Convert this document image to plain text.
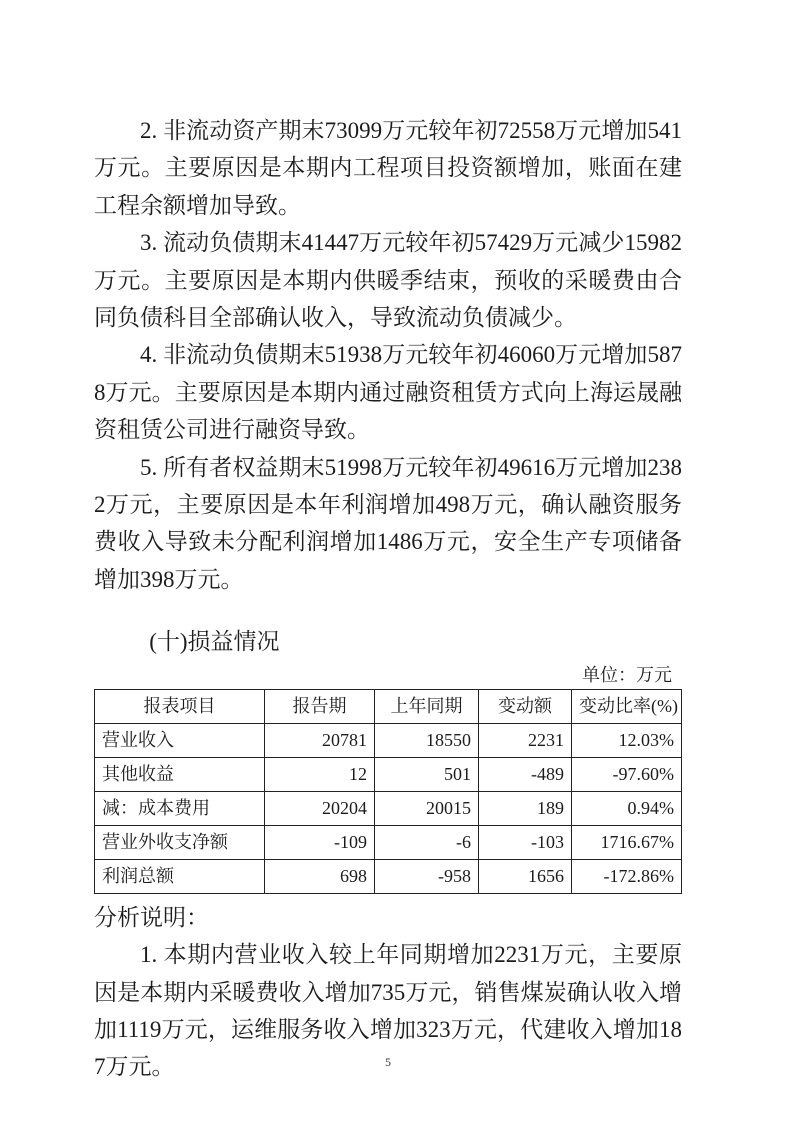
2. 非流动资产期末73099万元较年初72558万元增加541万元。主要原因是本期内工程项目投资额增加，账面在建工程余额增加导致。

3. 流动负债期末41447万元较年初57429万元减少15982万元。主要原因是本期内供暖季结束，预收的采暖费由合同负债科目全部确认收入，导致流动负债减少。

4. 非流动负债期末51938万元较年初46060万元增加5878万元。主要原因是本期内通过融资租赁方式向上海运晟融资租赁公司进行融资导致。

5. 所有者权益期末51998万元较年初49616万元增加2382万元，主要原因是本年利润增加498万元，确认融资服务费收入导致未分配利润增加1486万元，安全生产专项储备增加398万元。

(十)损益情况
单位：万元
报表项目	报告期	上年同期	变动额	变动比率(%)
营业收入	20781	18550	2231	12.03%
其他收益	12	501	-489	-97.60%
减：成本费用	20204	20015	189	0.94%
营业外收支净额	-109	-6	-103	1716.67%
利润总额	698	-958	1656	-172.86%

分析说明：

1. 本期内营业收入较上年同期增加2231万元，主要原因是本期内采暖费收入增加735万元，销售煤炭确认收入增加1119万元，运维服务收入增加323万元，代建收入增加187万元。	5
